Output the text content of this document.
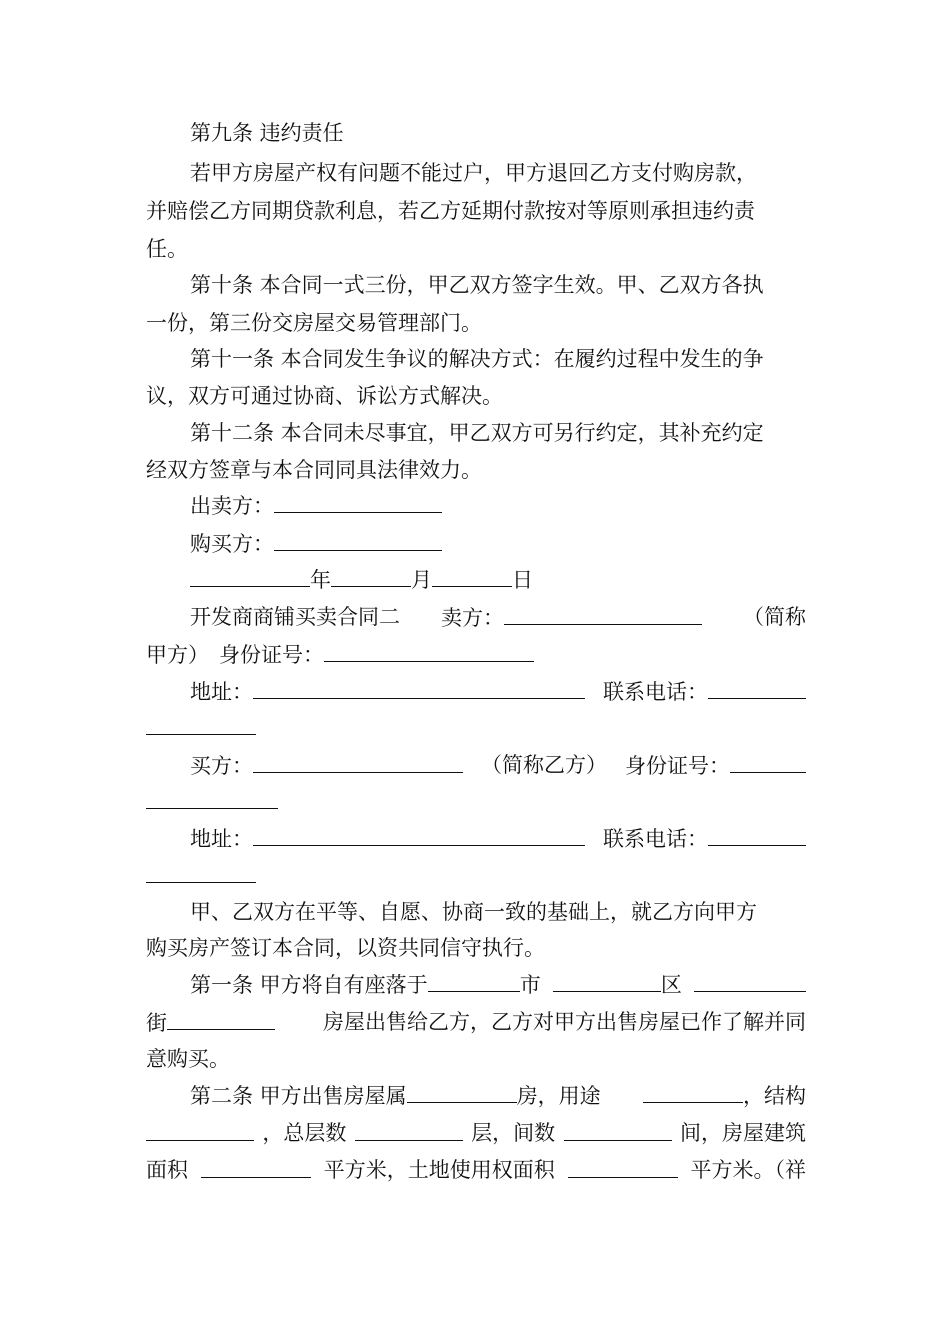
第九条 违约责任
若甲方房屋产权有问题不能过户，甲方退回乙方支付购房款，
并赔偿乙方同期贷款利息，若乙方延期付款按对等原则承担违约责
任。
第十条 本合同一式三份，甲乙双方签字生效。甲、乙双方各执
一份，第三份交房屋交易管理部门。
第十一条 本合同发生争议的解决方式：在履约过程中发生的争
议，双方可通过协商、诉讼方式解决。
第十二条 本合同未尽事宜，甲乙双方可另行约定，其补充约定
经双方签章与本合同同具法律效力。
出卖方：
购买方：
年	月	日
开发商商铺买卖合同二 卖方：	（简称
甲方） 身份证号：
地址：	联系电话：
买方：	（简称乙方） 身份证号：
地址：	联系电话：
甲、乙双方在平等、自愿、协商一致的基础上，就乙方向甲方
购买房产签订本合同，以资共同信守执行。
第一条 甲方将自有座落于	市	区
街	房屋出售给乙方，乙方对甲方出售房屋已作了解并同
意购买。
第二条 甲方出售房屋属	房，用途	，结构
，总层数	层，间数	间，房屋建筑
面积	平方米，土地使用权面积	平方米。（祥
